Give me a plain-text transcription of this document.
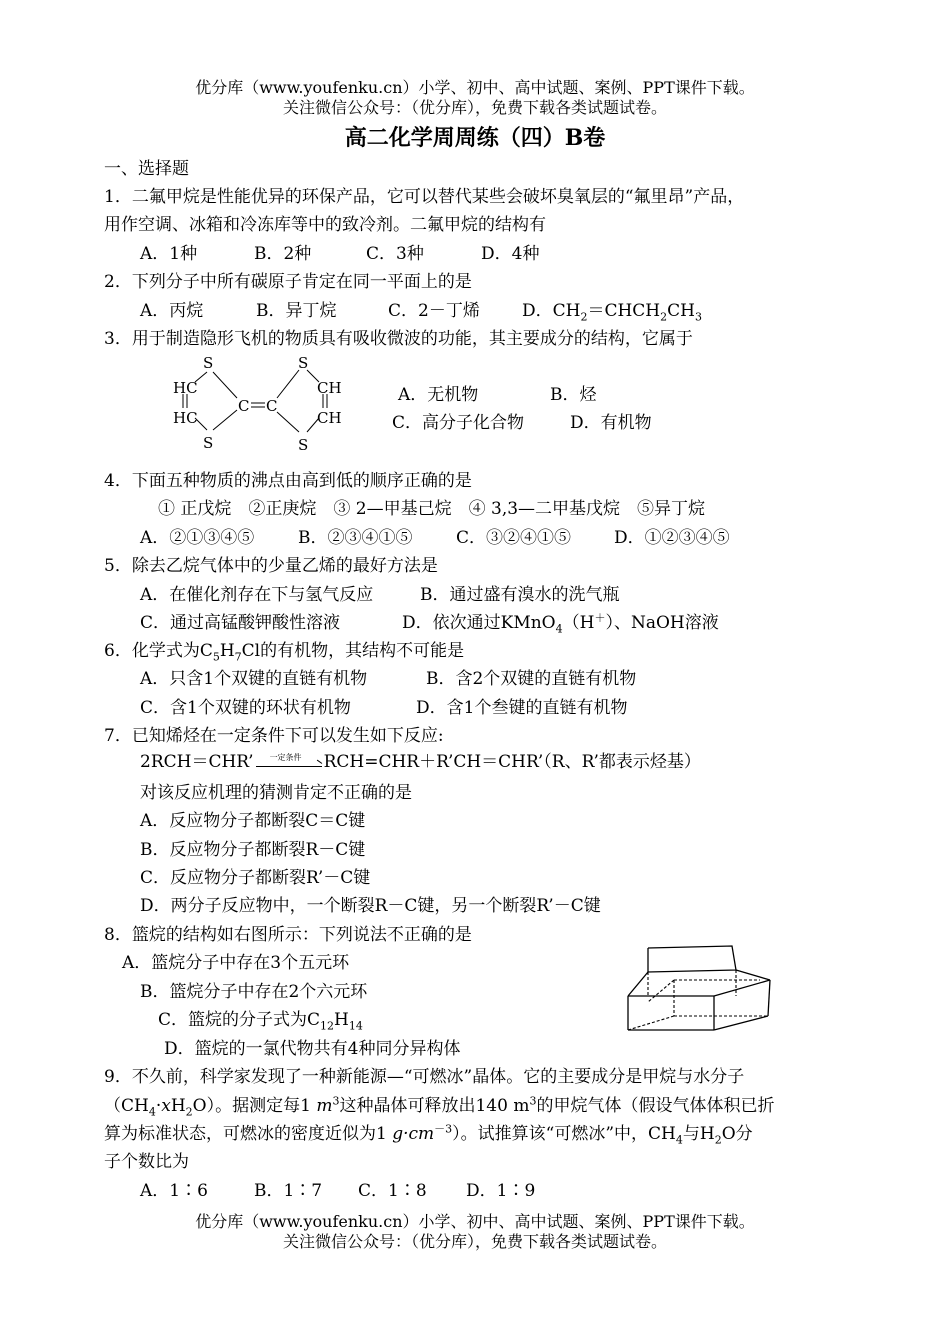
优分库（www.youfenku.cn）小学、初中、高中试题、案例、PPT课件下载。
关注微信公众号：（优分库），免费下载各类试题试卷。
高二化学周周练（四）B卷
一、选择题
1．二氟甲烷是性能优异的环保产品，它可以替代某些会破坏臭氧层的“氟里昂”产品，
用作空调、冰箱和冷冻库等中的致冷剂。二氟甲烷的结构有
A．1种	B．2种	C．3种	D．4种
2．下列分子中所有碳原子肯定在同一平面上的是
A．丙烷	B．异丁烷	C．2－丁烯 D．$CH_2=CHCH_2CH_3$
3．用于制造隐形飞机的物质具有吸收微波的功能，其主要成分的结构，它属于
S
HC
HC
S
C C
S
CH
CH
S
A．无机物	B．烃
C．高分子化合物	D．有机物
4．下面五种物质的沸点由高到低的顺序正确的是
① 正戊烷　②正庚烷　③ 2—甲基己烷　④ 3,3—二甲基戊烷　⑤异丁烷
A．②①③④⑤	B．②③④①⑤	C．③②④①⑤	D．①②③④⑤
5．除去乙烷气体中的少量乙烯的最好方法是
A．在催化剂存在下与氢气反应	B．通过盛有溴水的洗气瓶
C．通过高锰酸钾酸性溶液	D．依次通过KMnO$_4$（H＋）、NaOH溶液
6．化学式为$C_5H_7Cl$的有机物，其结构不可能是
A．只含1个双键的直链有机物	B．含2个双键的直链有机物
C．含1个双键的环状有机物	D．含1个叁键的直链有机物
7．已知烯烃在一定条件下可以发生如下反应:
2RCH＝CHR’ 一定条件 RCH=CHR＋R’CH＝CHR’（R、R’都表示烃基）
对该反应机理的猜测肯定不正确的是
A．反应物分子都断裂C＝C键
B．反应物分子都断裂R－C键
C．反应物分子都断裂R’－C键
D．两分子反应物中，一个断裂R－C键，另一个断裂R’－C键
8．篮烷的结构如右图所示：下列说法不正确的是
A．篮烷分子中存在3个五元环
B．篮烷分子中存在2个六元环
C．篮烷的分子式为$C_{12}H_{14}$
D．篮烷的一氯代物共有4种同分异构体
9．不久前，科学家发现了一种新能源—“可燃冰”晶体。它的主要成分是甲烷与水分子
$(CH_4\cdot xH_2O)$。据测定每1 $m^3$这种晶体可释放出140 $m^3$的甲烷气体（假设气体体积已折
算为标准状态，可燃冰的密度近似为1 $g\cdot cm^{-3}$）。试推算该“可燃冰”中，$CH_4$与$H_2O$分
子个数比为
A．1∶6	B．1∶7 C．1∶8 D．1∶9
优分库（www.youfenku.cn）小学、初中、高中试题、案例、PPT课件下载。
关注微信公众号：（优分库），免费下载各类试题试卷。
